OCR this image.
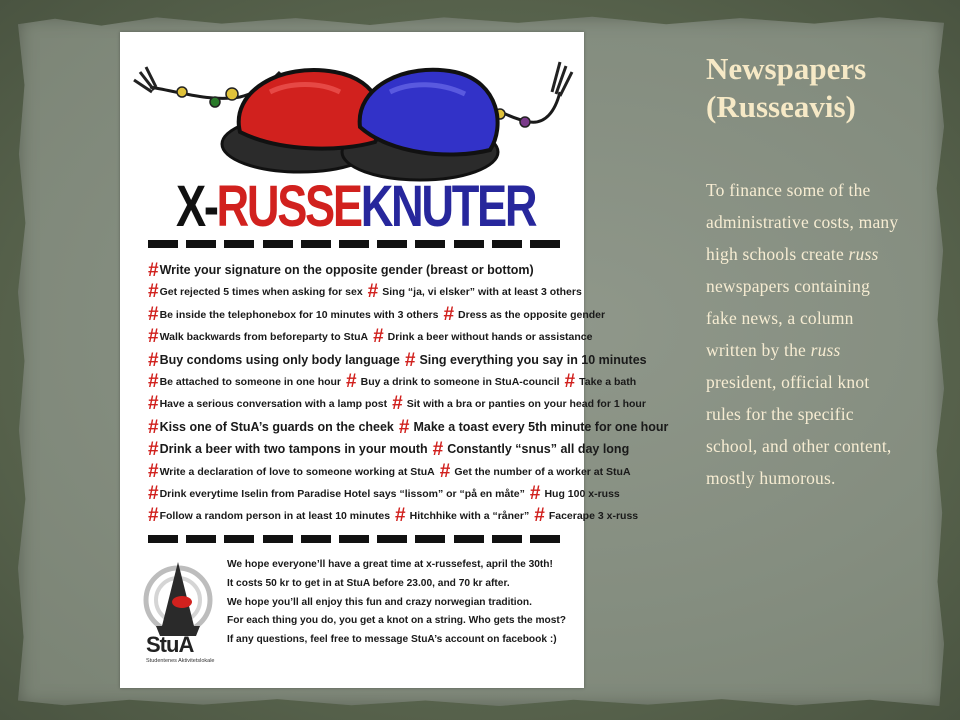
X-RUSSEKNUTER
#Write your signature on the opposite gender (breast or bottom)
#Get rejected 5 times when asking for sex # Sing “ja, vi elsker” with at least 3 others
#Be inside the telephonebox for 10 minutes with 3 others # Dress as the opposite gender
#Walk backwards from beforeparty to StuA # Drink a beer without hands or assistance
#Buy condoms using only body language # Sing everything you say in 10 minutes
#Be attached to someone in one hour # Buy a drink to someone in StuA-council # Take a bath
#Have a serious conversation with a lamp post # Sit with a bra or panties on your head for 1 hour
#Kiss one of StuA’s guards on the cheek # Make a toast every 5th minute for one hour
#Drink a beer with two tampons in your mouth # Constantly “snus” all day long
#Write a declaration of love to someone working at StuA # Get the number of a worker at StuA
#Drink everytime Iselin from Paradise Hotel says “lissom” or “på en måte” # Hug 100 x-russ
#Follow a random person in at least 10 minutes # Hitchhike with a “råner” # Facerape 3 x-russ
StuA
Studentenes Aktivitetslokale
We hope everyone’ll have a great time at x-russefest, april the 30th!
It costs 50 kr to get in at StuA before 23.00, and 70 kr after.
We hope you’ll all enjoy this fun and crazy norwegian tradition.
For each thing you do, you get a knot on a string. Who gets the most?
If any questions, feel free to message StuA’s account on facebook :)
Newspapers
(Russeavis)

To finance some of the administrative costs, many high schools create russ newspapers containing fake news, a column written by the russ president, official knot rules for the specific school, and other content, mostly humorous.
